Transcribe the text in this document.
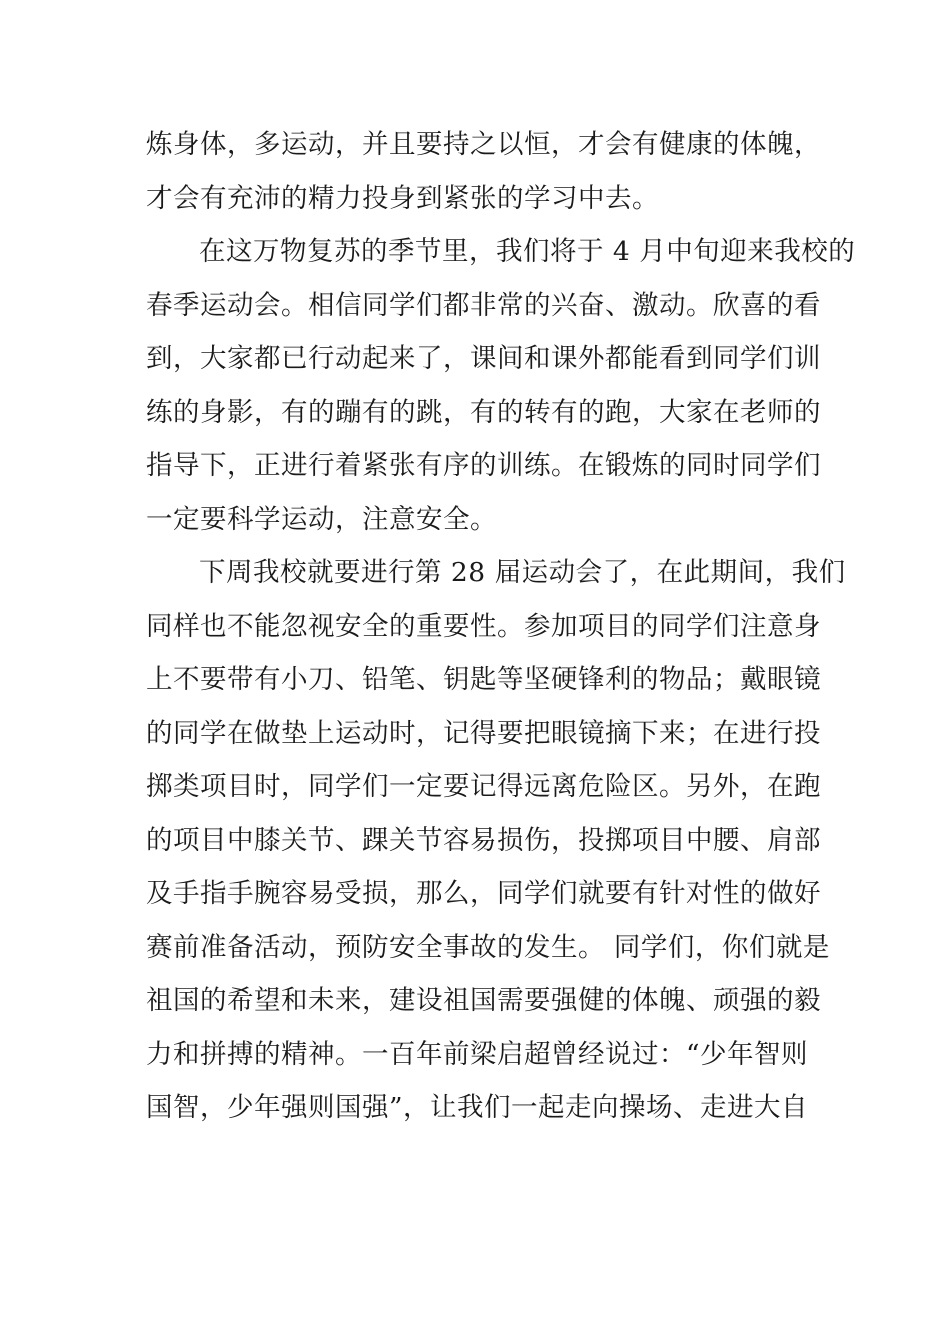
炼身体，多运动，并且要持之以恒，才会有健康的体魄，
才会有充沛的精力投身到紧张的学习中去。
在这万物复苏的季节里，我们将于 4 月中旬迎来我校的
春季运动会。相信同学们都非常的兴奋、激动。欣喜的看
到，大家都已行动起来了，课间和课外都能看到同学们训
练的身影，有的蹦有的跳，有的转有的跑，大家在老师的
指导下，正进行着紧张有序的训练。在锻炼的同时同学们
一定要科学运动，注意安全。
下周我校就要进行第 28 届运动会了，在此期间，我们
同样也不能忽视安全的重要性。参加项目的同学们注意身
上不要带有小刀、铅笔、钥匙等坚硬锋利的物品；戴眼镜
的同学在做垫上运动时，记得要把眼镜摘下来；在进行投
掷类项目时，同学们一定要记得远离危险区。另外，在跑
的项目中膝关节、踝关节容易损伤，投掷项目中腰、肩部
及手指手腕容易受损，那么，同学们就要有针对性的做好
赛前准备活动，预防安全事故的发生。 同学们，你们就是
祖国的希望和未来，建设祖国需要强健的体魄、顽强的毅
力和拼搏的精神。一百年前梁启超曾经说过：“少年智则
国智，少年强则国强”，让我们一起走向操场、走进大自
